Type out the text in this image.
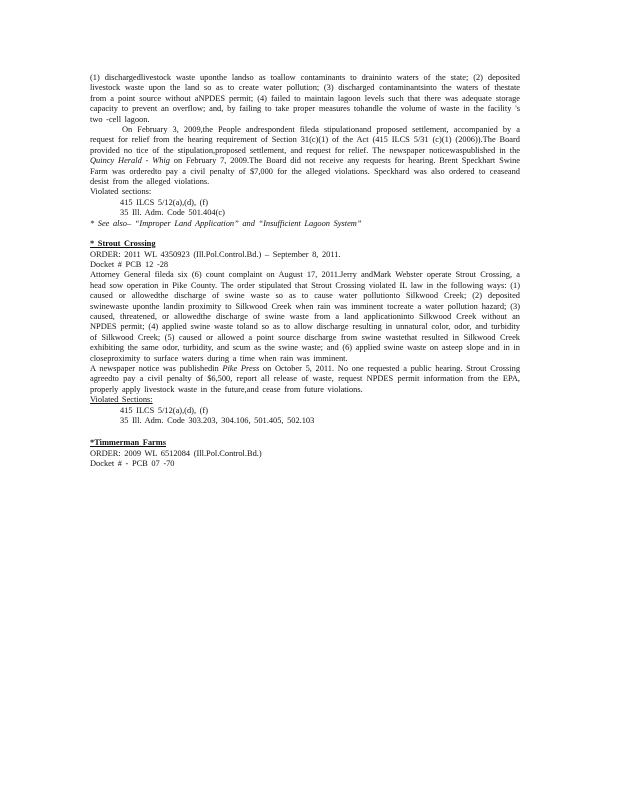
(1) dischargedlivestock waste uponthe landso as toallow contaminants to draininto waters of the state; (2) deposited livestock waste upon the land so as to create water pollution; (3) discharged contaminantsinto the waters of thestate from a point source without aNPDES permit; (4) failed to maintain lagoon levels such that there was adequate storage capacity to prevent an overflow; and, by failing to take proper measures tohandle the volume of waste in the facility 's two -cell lagoon.

On February 3, 2009,the People andrespondent fileda stipulationand proposed settlement, accompanied by a request for relief from the hearing requirement of Section 31(c)(1) of the Act (415 ILCS 5/31 (c)(1) (2006)).The Board provided no tice of the stipulation,proposed settlement, and request for relief. The newspaper noticewaspublished in the Quincy Herald - Whig on February 7, 2009.The Board did not receive any requests for hearing. Brent Speckhart Swine Farm was orderedto pay a civil penalty of $7,000 for the alleged violations. Speckhard was also ordered to ceaseand desist from the alleged violations.

Violated sections:

415 ILCS 5/12(a),(d), (f)

35 Ill. Adm. Code 501.404(c)

* See also– “Improper Land Application” and “Insufficient Lagoon System”

* Strout Crossing

ORDER: 2011 WL 4350923 (Ill.Pol.Control.Bd.) – September 8, 2011.

Docket # PCB 12 -28

Attorney General fileda six (6) count complaint on August 17, 2011.Jerry andMark Webster operate Strout Crossing, a head sow operation in Pike County. The order stipulated that Strout Crossing violated IL law in the following ways: (1) caused or allowedthe discharge of swine waste so as to cause water pollutionto Silkwood Creek; (2) deposited swinewaste uponthe landin proximity to Silkwood Creek when rain was imminent tocreate a water pollution hazard; (3) caused, threatened, or allowedthe discharge of swine waste from a land applicationinto Silkwood Creek without an NPDES permit; (4) applied swine waste toland so as to allow discharge resulting in unnatural color, odor, and turbidity of Silkwood Creek; (5) caused or allowed a point source discharge from swine wastethat resulted in Silkwood Creek exhibiting the same odor, turbidity, and scum as the swine waste; and (6) applied swine waste on asteep slope and in in closeproximity to surface waters during a time when rain was imminent.

A newspaper notice was publishedin Pike Press on October 5, 2011. No one requested a public hearing. Strout Crossing agreedto pay a civil penalty of $6,500, report all release of waste, request NPDES permit information from the EPA, properly apply livestock waste in the future,and cease from future violations.

Violated Sections:

415 ILCS 5/12(a),(d), (f)

35 Ill. Adm. Code 303.203, 304.106, 501.405, 502.103

*Timmerman Farms

ORDER: 2009 WL 6512084 (Ill.Pol.Control.Bd.)

Docket # - PCB 07 -70
